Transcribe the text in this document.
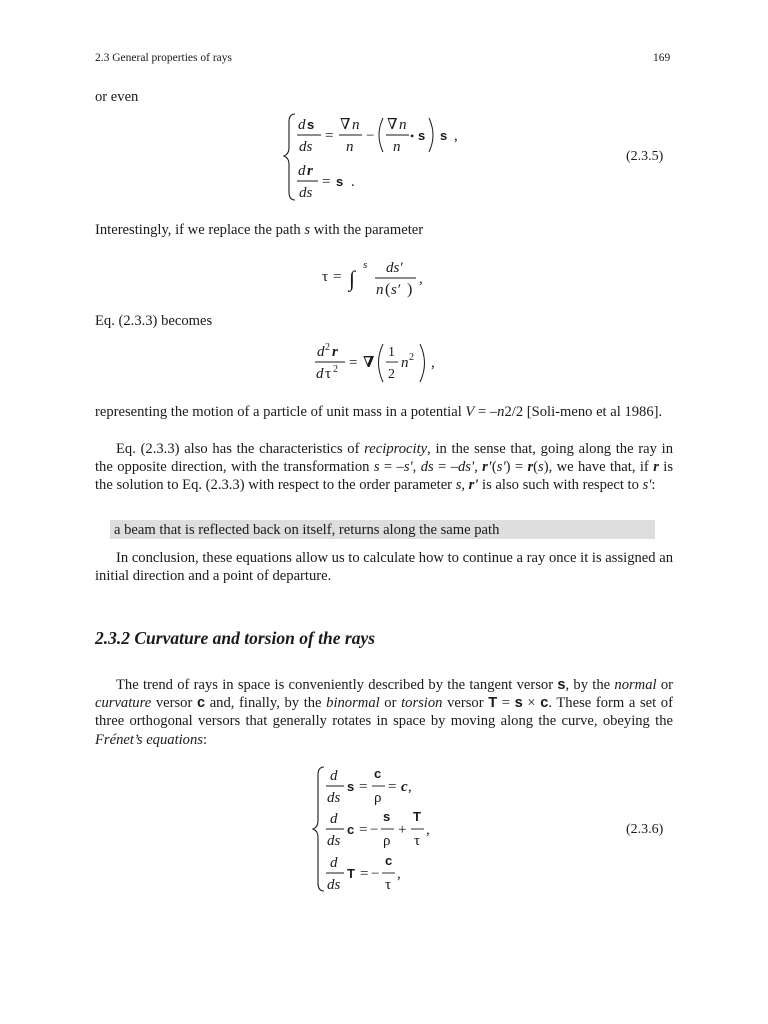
2.3 General properties of rays	169

or even

d s
ds
=
∇ n
n
−
∇ n
n
• s s ,
d r
ds
= s .
(2.3.5)

Interestingly, if we replace the path s with the parameter

τ = ∫
s ds′
n ( s′ )
,

Eq. (2.3.3) becomes

d 2 r
d τ 2 = ∇
1
2
n 2 ,

representing the motion of a particle of unit mass in a potential V = –n2/2 [Soli-meno et al 1986].

Eq. (2.3.3) also has the characteristics of reciprocity, in the sense that, going along the ray in the opposite direction, with the transformation s = –s', ds = –ds', r'(s') = r(s), we have that, if r is the solution to Eq. (2.3.3) with respect to the order parameter s, r' is also such with respect to s':

a beam that is reflected back on itself, returns along the same path

In conclusion, these equations allow us to calculate how to continue a ray once it is assigned an initial direction and a point of departure.

2.3.2 Curvature and torsion of the rays

The trend of rays in space is conveniently described by the tangent versor s, by the normal or curvature versor c and, finally, by the binormal or torsion versor T = s × c. These form a set of three orthogonal versors that generally rotates in space by moving along the curve, obeying the Frénet’s equations:

d
ds
s =
c
ρ
= c ,
d
ds
c = −
s
ρ
+
T
τ
,
d
ds
T = −
c
τ
,
(2.3.6)
